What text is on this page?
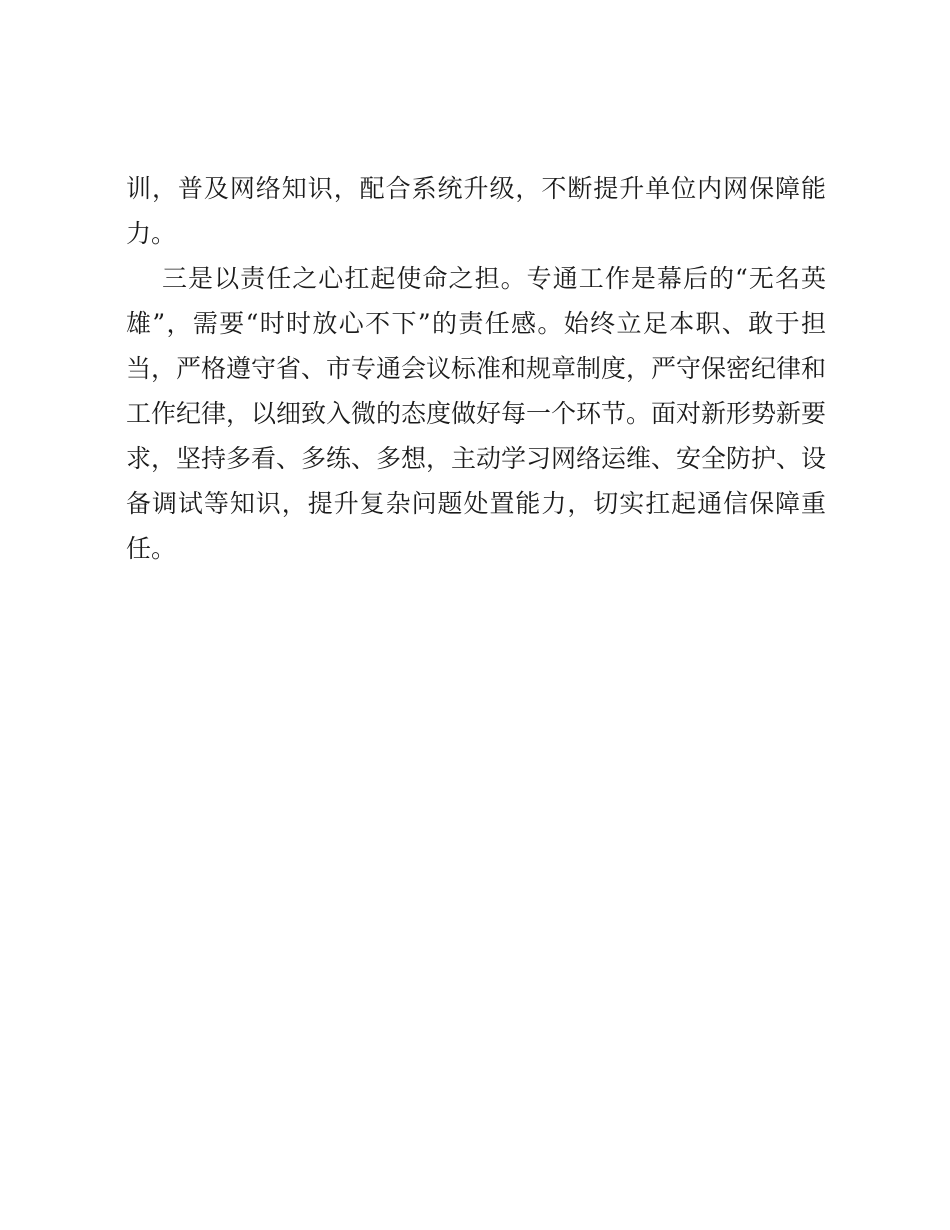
训，普及网络知识，配合系统升级，不断提升单位内网保障能
力。
三是以责任之心扛起使命之担。专通工作是幕后的“无名英
雄”，需要“时时放心不下”的责任感。始终立足本职、敢于担
当，严格遵守省、市专通会议标准和规章制度，严守保密纪律和
工作纪律，以细致入微的态度做好每一个环节。面对新形势新要
求，坚持多看、多练、多想，主动学习网络运维、安全防护、设
备调试等知识，提升复杂问题处置能力，切实扛起通信保障重
任。
